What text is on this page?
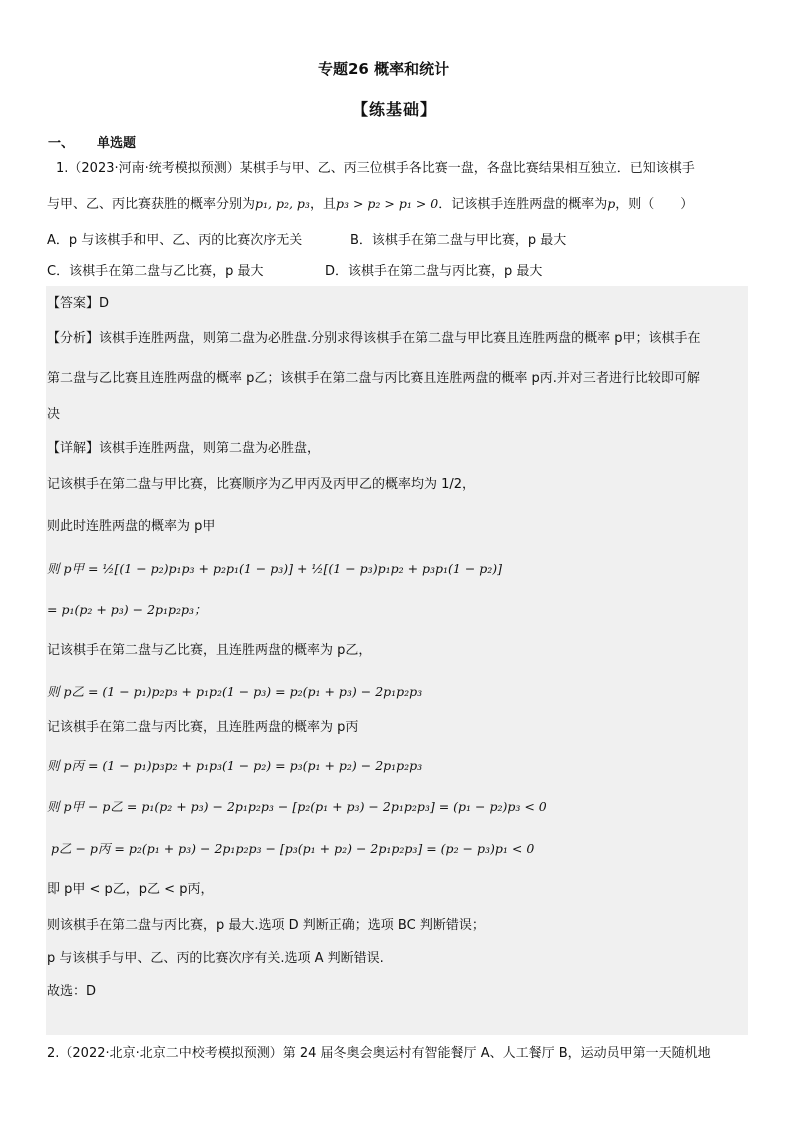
专题26 概率和统计
【练基础】
一、 单选题
1.（2023·河南·统考模拟预测）某棋手与甲、乙、丙三位棋手各比赛一盘，各盘比赛结果相互独立．已知该棋手
与甲、乙、丙比赛获胜的概率分别为p₁, p₂, p₃，且p₃ > p₂ > p₁ > 0．记该棋手连胜两盘的概率为p，则（　　）
A．p 与该棋手和甲、乙、丙的比赛次序无关	B．该棋手在第二盘与甲比赛，p 最大
C．该棋手在第二盘与乙比赛，p 最大	D．该棋手在第二盘与丙比赛，p 最大
【答案】D
【分析】该棋手连胜两盘，则第二盘为必胜盘.分别求得该棋手在第二盘与甲比赛且连胜两盘的概率 p甲；该棋手在
第二盘与乙比赛且连胜两盘的概率 p乙；该棋手在第二盘与丙比赛且连胜两盘的概率 p丙.并对三者进行比较即可解
决
【详解】该棋手连胜两盘，则第二盘为必胜盘，
记该棋手在第二盘与甲比赛，比赛顺序为乙甲丙及丙甲乙的概率均为 1/2，
则此时连胜两盘的概率为 p甲
则 p甲 = ½[(1 − p₂)p₁p₃ + p₂p₁(1 − p₃)] + ½[(1 − p₃)p₁p₂ + p₃p₁(1 − p₂)]
= p₁(p₂ + p₃) − 2p₁p₂p₃；
记该棋手在第二盘与乙比赛，且连胜两盘的概率为 p乙，
则 p乙 = (1 − p₁)p₂p₃ + p₁p₂(1 − p₃) = p₂(p₁ + p₃) − 2p₁p₂p₃
记该棋手在第二盘与丙比赛，且连胜两盘的概率为 p丙
则 p丙 = (1 − p₁)p₃p₂ + p₁p₃(1 − p₂) = p₃(p₁ + p₂) − 2p₁p₂p₃
则 p甲 − p乙 = p₁(p₂ + p₃) − 2p₁p₂p₃ − [p₂(p₁ + p₃) − 2p₁p₂p₃] = (p₁ − p₂)p₃ < 0
p乙 − p丙 = p₂(p₁ + p₃) − 2p₁p₂p₃ − [p₃(p₁ + p₂) − 2p₁p₂p₃] = (p₂ − p₃)p₁ < 0
即 p甲 < p乙，p乙 < p丙，
则该棋手在第二盘与丙比赛，p 最大.选项 D 判断正确；选项 BC 判断错误；
p 与该棋手与甲、乙、丙的比赛次序有关.选项 A 判断错误.
故选：D
2.（2022·北京·北京二中校考模拟预测）第 24 届冬奥会奥运村有智能餐厅 A、人工餐厅 B，运动员甲第一天随机地
